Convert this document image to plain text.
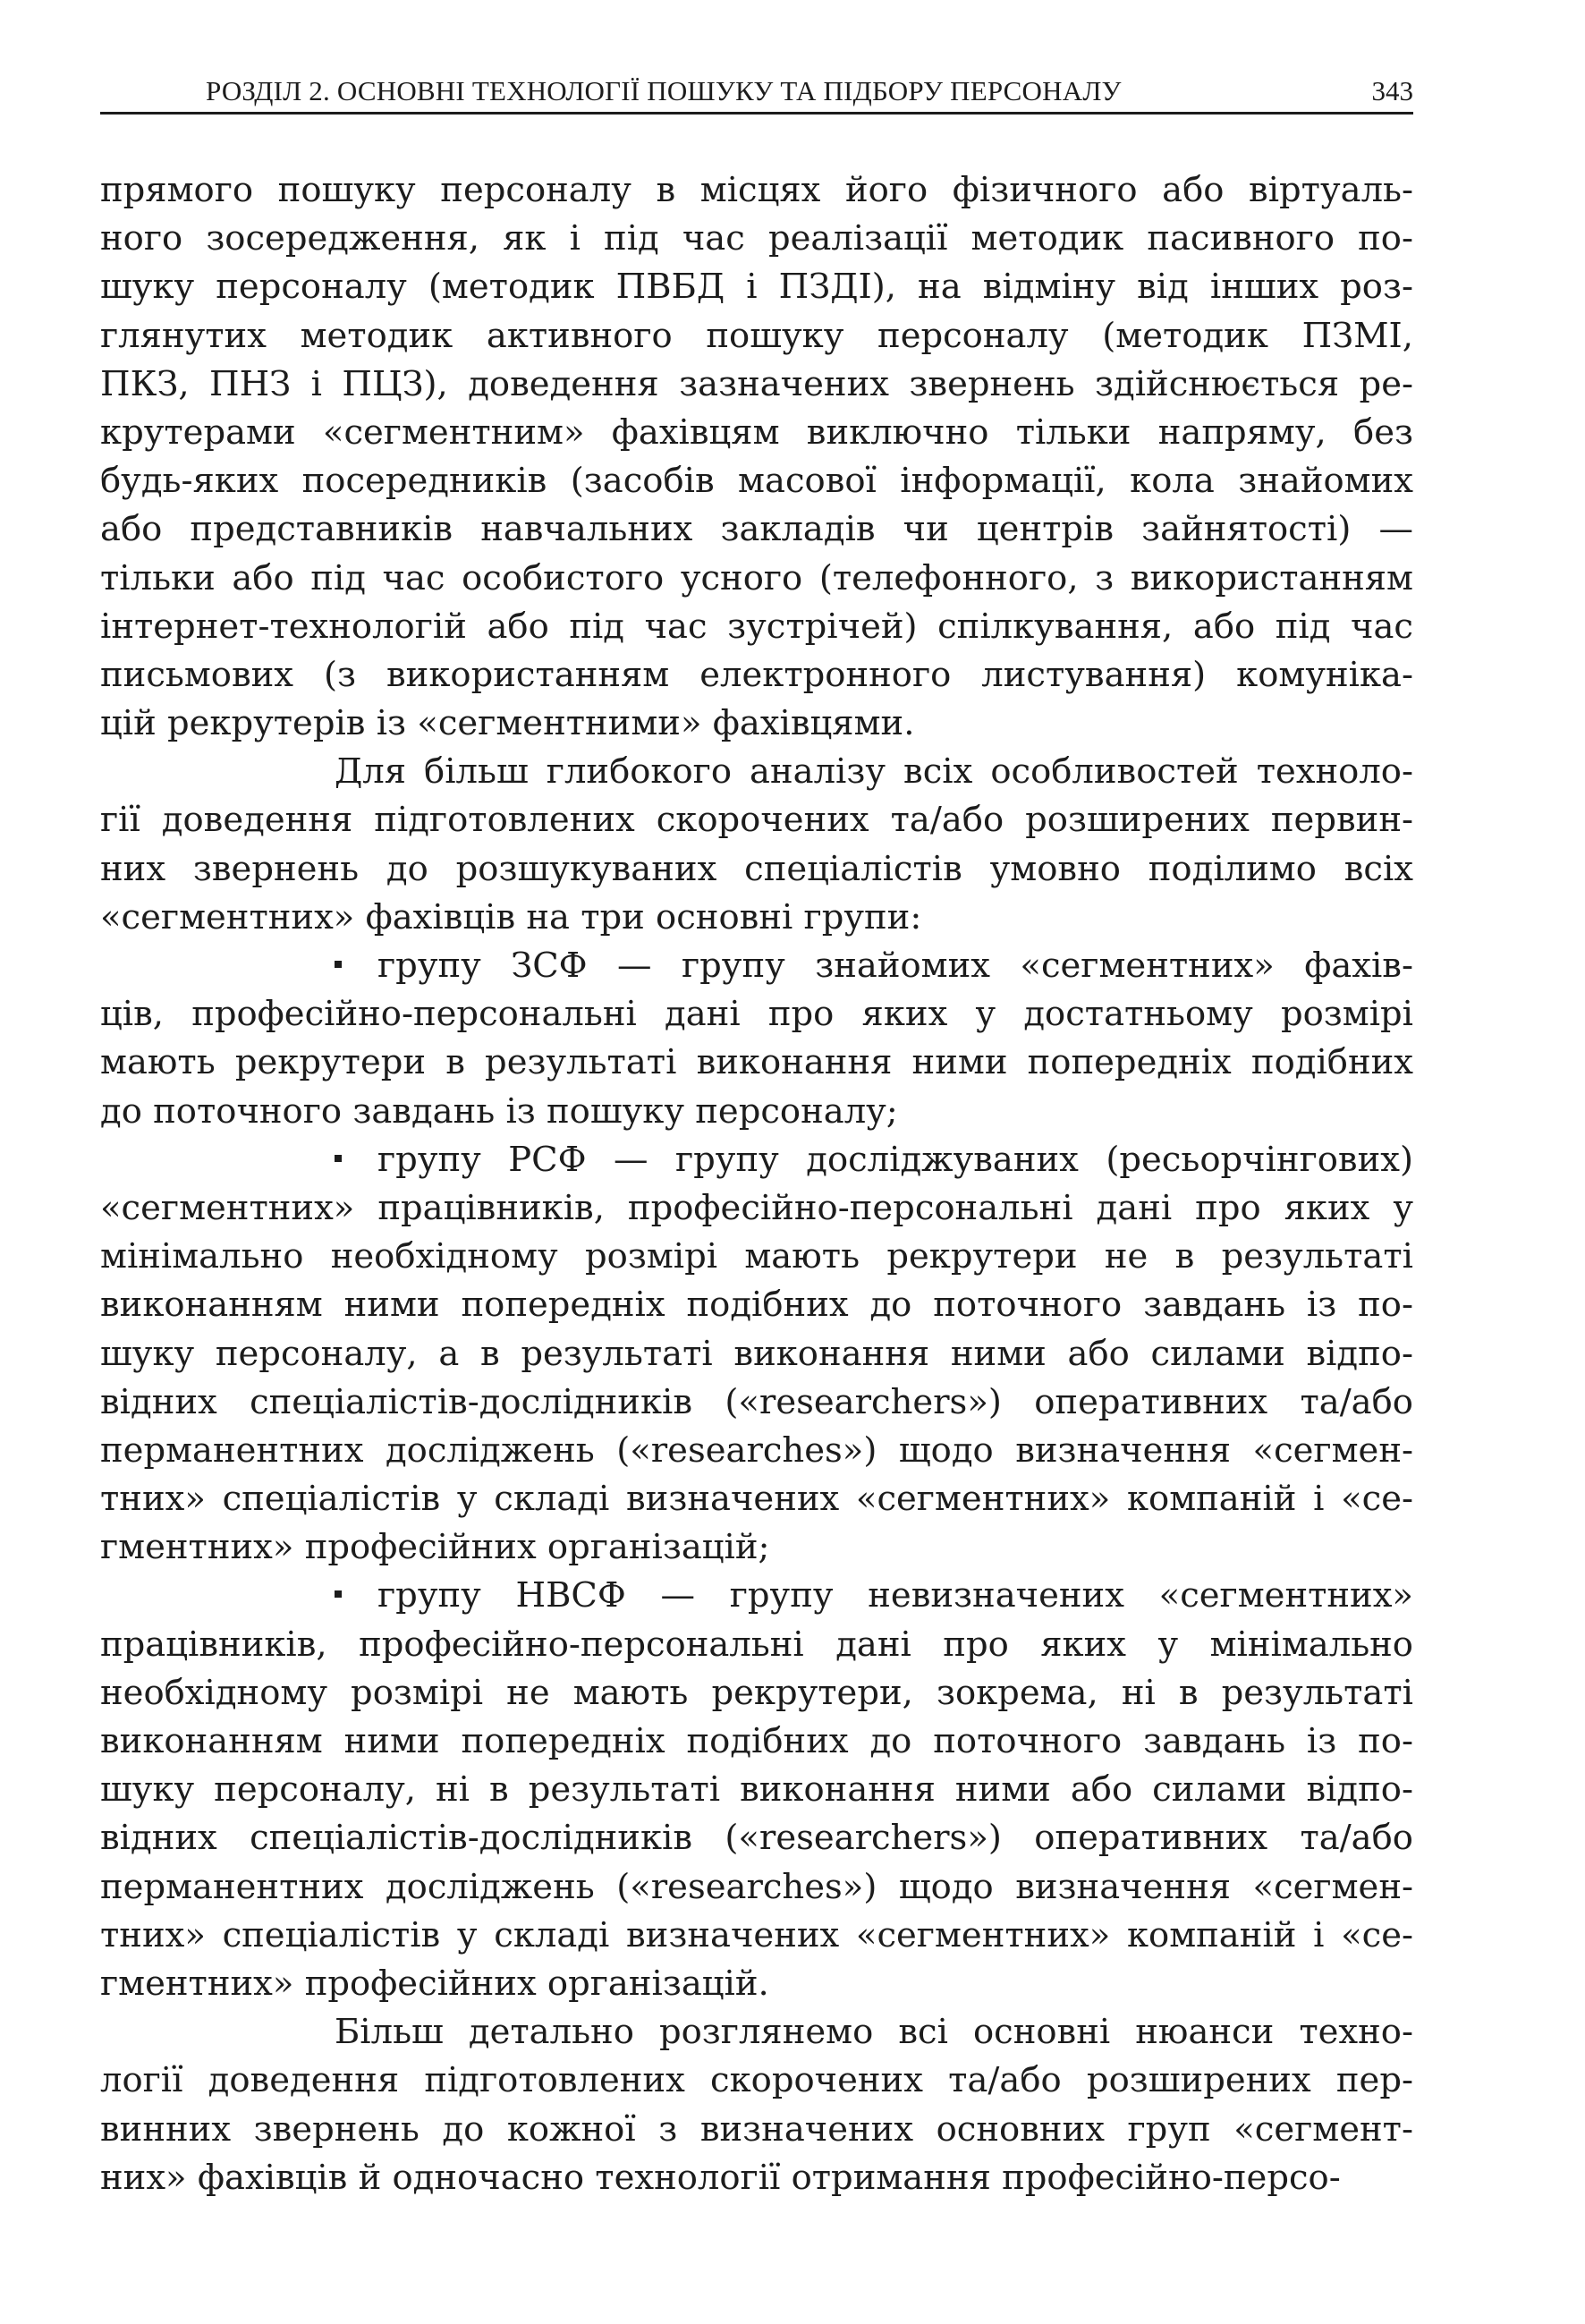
РОЗДІЛ 2. ОСНОВНІ ТЕХНОЛОГІЇ ПОШУКУ ТА ПІДБОРУ ПЕРСОНАЛУ	343
прямого пошуку персоналу в місцях його фізичного або віртуаль-
ного зосередження, як і під час реалізації методик пасивного по-
шуку персоналу (методик ПВБД і ПЗДІ), на відміну від інших роз-
глянутих методик активного пошуку персоналу (методик ПЗМІ,
ПКЗ, ПНЗ і ПЦЗ), доведення зазначених звернень здійснюється ре-
крутерами «сегментним» фахівцям виключно тільки напряму, без
будь-яких посередників (засобів масової інформації, кола знайомих
або представників навчальних закладів чи центрів зайнятості) —
тільки або під час особистого усного (телефонного, з використанням
інтернет-технологій або під час зустрічей) спілкування, або під час
письмових (з використанням електронного листування) комуніка-
цій рекрутерів із «сегментними» фахівцями.
Для більш глибокого аналізу всіх особливостей техноло-
гії доведення підготовлених скорочених та/або розширених первин-
них звернень до розшукуваних спеціалістів умовно поділимо всіх
«сегментних» фахівців на три основні групи:
групу ЗСФ — групу знайомих «сегментних» фахів-
ців, професійно-персональні дані про яких у достатньому розмірі
мають рекрутери в результаті виконання ними попередніх подібних
до поточного завдань із пошуку персоналу;
групу РСФ — групу досліджуваних (ресьорчінгових)
«сегментних» працівників, професійно-персональні дані про яких у
мінімально необхідному розмірі мають рекрутери не в результаті
виконанням ними попередніх подібних до поточного завдань із по-
шуку персоналу, а в результаті виконання ними або силами відпо-
відних спеціалістів-дослідників («researchers») оперативних та/або
перманентних досліджень («researches») щодо визначення «сегмен-
тних» спеціалістів у складі визначених «сегментних» компаній і «се-
гментних» професійних організацій;
групу НВСФ — групу невизначених «сегментних»
працівників, професійно-персональні дані про яких у мінімально
необхідному розмірі не мають рекрутери, зокрема, ні в результаті
виконанням ними попередніх подібних до поточного завдань із по-
шуку персоналу, ні в результаті виконання ними або силами відпо-
відних спеціалістів-дослідників («researchers») оперативних та/або
перманентних досліджень («researches») щодо визначення «сегмен-
тних» спеціалістів у складі визначених «сегментних» компаній і «се-
гментних» професійних організацій.
Більш детально розглянемо всі основні нюанси техно-
логії доведення підготовлених скорочених та/або розширених пер-
винних звернень до кожної з визначених основних груп «сегмент-
них» фахівців й одночасно технології отримання професійно-персо-
